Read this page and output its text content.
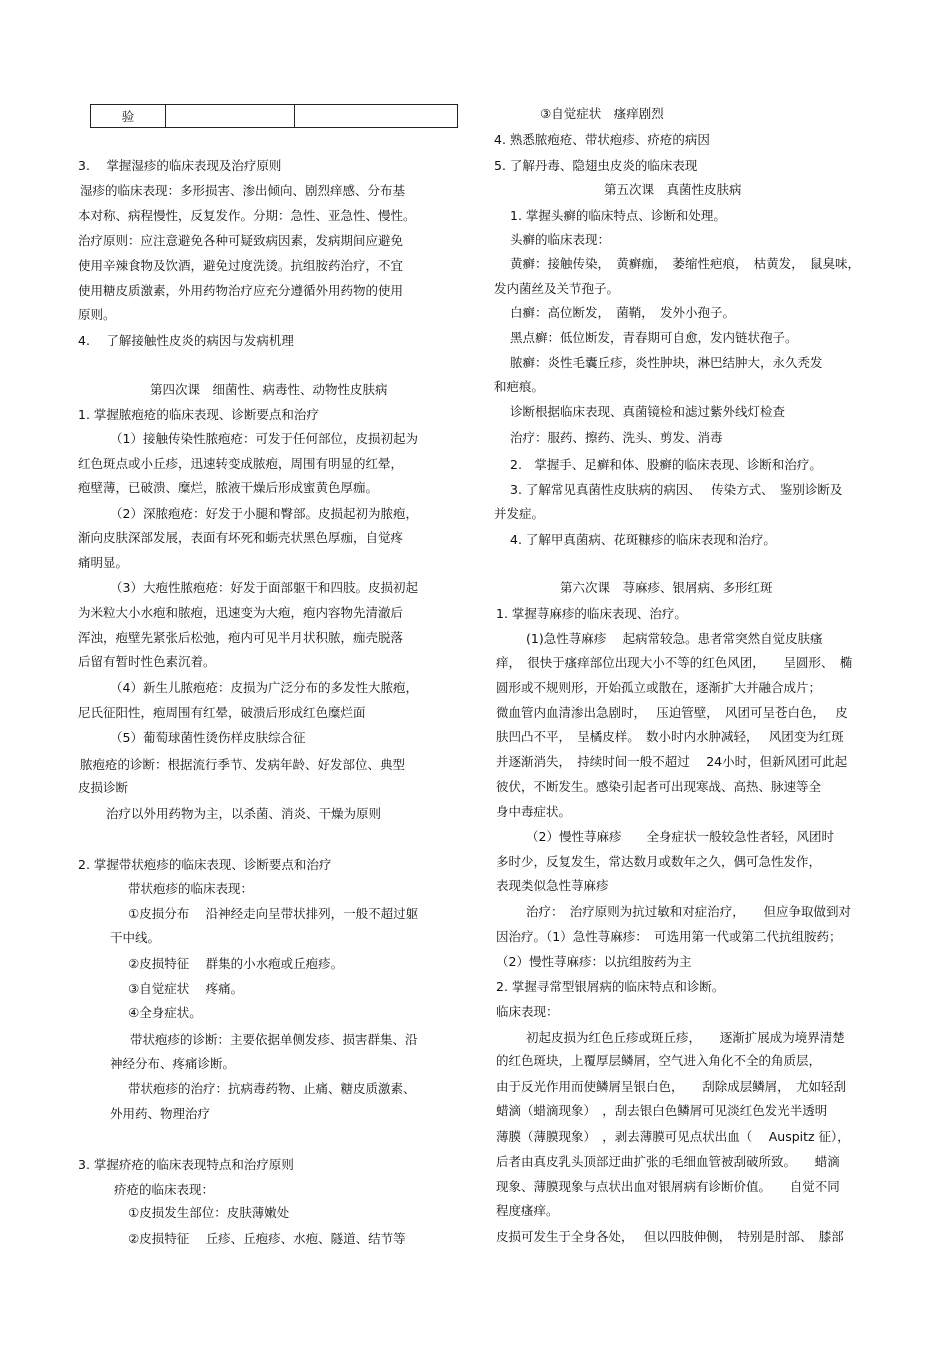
验		
3.　 掌握湿疹的临床表现及治疗原则
湿疹的临床表现：多形损害、渗出倾向、剧烈痒感、分布基
本对称、病程慢性，反复发作。分期：急性、亚急性、慢性。
治疗原则：应注意避免各种可疑致病因素，发病期间应避免
使用辛辣食物及饮酒，避免过度洗烫。抗组胺药治疗，不宜
使用糖皮质激素，外用药物治疗应充分遵循外用药物的使用
原则。
4.　 了解接触性皮炎的病因与发病机理
第四次课　细菌性、病毒性、动物性皮肤病
1. 掌握脓疱疮的临床表现、诊断要点和治疗
（1）接触传染性脓疱疮：可发于任何部位，皮损初起为
红色斑点或小丘疹，迅速转变成脓疱，周围有明显的红晕，
疱壁薄，已破溃、糜烂，脓液干燥后形成蜜黄色厚痂。
（2）深脓疱疮：好发于小腿和臀部。皮损起初为脓疱，
渐向皮肤深部发展，表面有坏死和蛎壳状黑色厚痂，自觉疼
痛明显。
（3）大疱性脓疱疮：好发于面部躯干和四肢。皮损初起
为米粒大小水疱和脓疱，迅速变为大疱，疱内容物先清澈后
浑浊，疱壁先紧张后松弛，疱内可见半月状积脓，痂壳脱落
后留有暂时性色素沉着。
（4）新生儿脓疱疮：皮损为广泛分布的多发性大脓疱，
尼氏征阳性，疱周围有红晕，破溃后形成红色糜烂面
（5）葡萄球菌性烫伤样皮肤综合征
脓疱疮的诊断：根据流行季节、发病年龄、好发部位、典型
皮损诊断
治疗以外用药物为主，以杀菌、消炎、干燥为原则
2. 掌握带状疱疹的临床表现、诊断要点和治疗
带状疱疹的临床表现：
①皮损分布　 沿神经走向呈带状排列，一般不超过躯
干中线。
②皮损特征　 群集的小水疱或丘疱疹。
③自觉症状　 疼痛。
④全身症状。
带状疱疹的诊断：主要依据单侧发疹、损害群集、沿
神经分布、疼痛诊断。
带状疱疹的治疗：抗病毒药物、止痛、糖皮质激素、
外用药、物理治疗
3. 掌握疥疮的临床表现特点和治疗原则
疥疮的临床表现：
①皮损发生部位：皮肤薄嫩处
②皮损特征　 丘疹、丘疱疹、水疱、隧道、结节等
③自觉症状　瘙痒剧烈
4. 熟悉脓疱疮、带状疱疹、疥疮的病因
5. 了解丹毒、隐翅虫皮炎的临床表现
第五次课　真菌性皮肤病
1. 掌握头癣的临床特点、诊断和处理。
头癣的临床表现：
黄癣：接触传染，　黄癣痂，　萎缩性疤痕，　枯黄发，　鼠臭味，
发内菌丝及关节孢子。
白癣：高位断发，　菌鞘，　发外小孢子。
黑点癣：低位断发，青春期可自愈，发内链状孢子。
脓癣：炎性毛囊丘疹，炎性肿块，淋巴结肿大，永久秃发
和疤痕。
诊断根据临床表现、真菌镜检和滤过紫外线灯检查
治疗：服药、擦药、洗头、剪发、消毒
2.　掌握手、足癣和体、股癣的临床表现、诊断和治疗。
3. 了解常见真菌性皮肤病的病因、　 传染方式、　鉴别诊断及
并发症。
4. 了解甲真菌病、花斑糠疹的临床表现和治疗。
第六次课　荨麻疹、银屑病、多形红斑
1. 掌握荨麻疹的临床表现、治疗。
(1)急性荨麻疹　 起病常较急。患者常突然自觉皮肤瘙
痒，　很快于瘙痒部位出现大小不等的红色风团，　　呈圆形、　椭
圆形或不规则形，开始孤立或散在，逐渐扩大并融合成片；
微血管内血清渗出急剧时，　 压迫管壁，　风团可呈苍白色，　 皮
肤凹凸不平，　呈橘皮样。　数小时内水肿减轻，　 风团变为红斑
并逐渐消失，　持续时间一般不超过　 24小时，但新风团可此起
彼伏，不断发生。感染引起者可出现寒战、高热、脉速等全
身中毒症状。
（2）慢性荨麻疹　　全身症状一般较急性者轻，风团时
多时少，反复发生，常达数月或数年之久，偶可急性发作，
表现类似急性荨麻疹
治疗：　治疗原则为抗过敏和对症治疗，　　但应争取做到对
因治疗。（1）急性荨麻疹：　可选用第一代或第二代抗组胺药；
（2）慢性荨麻疹：以抗组胺药为主
2. 掌握寻常型银屑病的临床特点和诊断。
临床表现：
初起皮损为红色丘疹或斑丘疹，　　逐渐扩展成为境界清楚
的红色斑块，上覆厚层鳞屑，空气进入角化不全的角质层，
由于反光作用而使鳞屑呈银白色，　　刮除成层鳞屑，　尤如轻刮
蜡滴（蜡滴现象）　，刮去银白色鳞屑可见淡红色发光半透明
薄膜（薄膜现象）　，剥去薄膜可见点状出血（　 Auspitz 征），
后者由真皮乳头顶部迂曲扩张的毛细血管被刮破所致。　　蜡滴
现象、薄膜现象与点状出血对银屑病有诊断价值。　　自觉不同
程度瘙痒。
皮损可发生于全身各处，　 但以四肢伸侧，　特别是肘部、　膝部
